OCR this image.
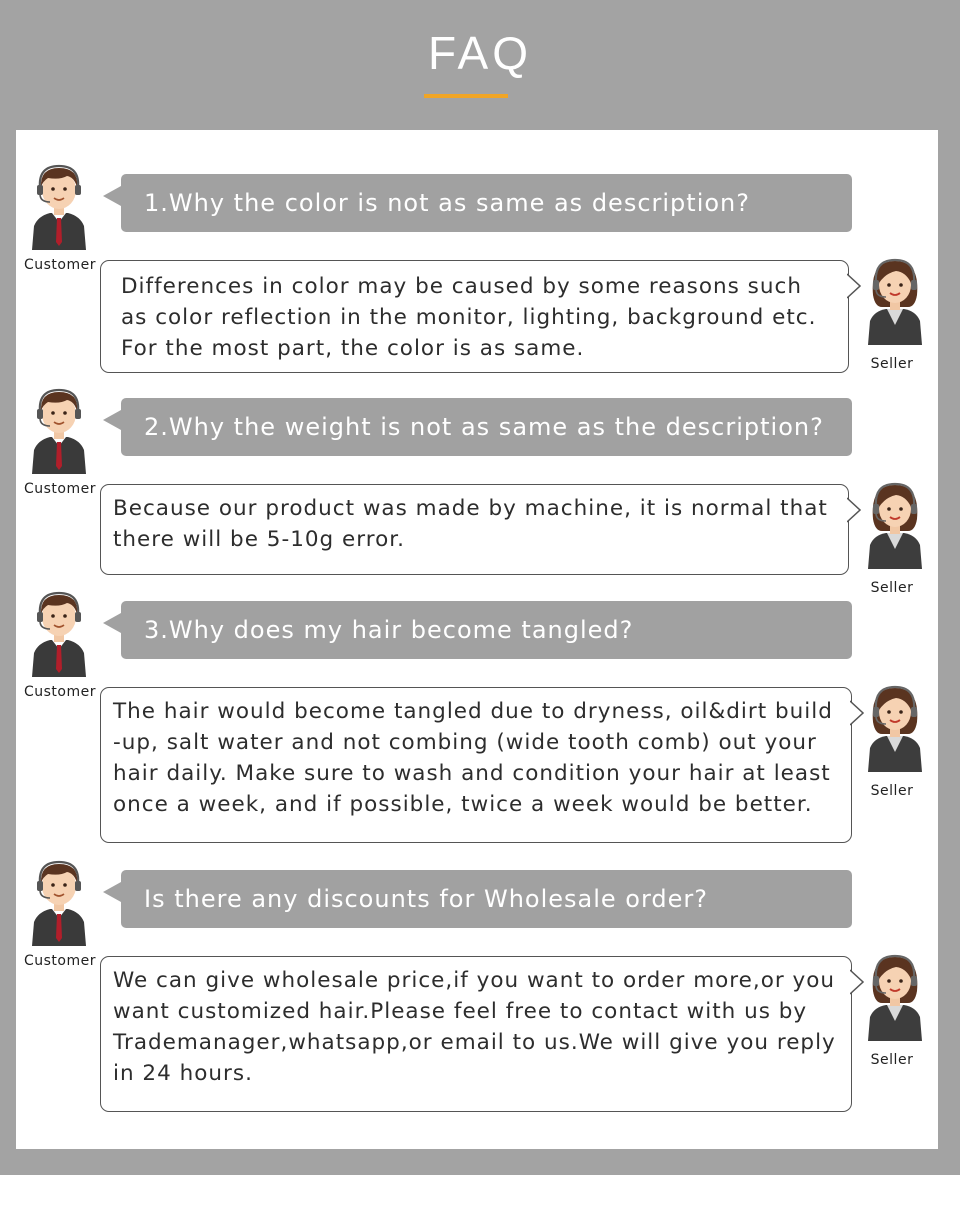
FAQ
Customer
1.Why the color is not as same as description?
Differences in color may be caused by some reasons such
as color reflection in the monitor, lighting, background etc.
For the most part, the color is as same.
Seller
Customer
2.Why the weight is not as same as the description?
Because our product was made by machine, it is normal that
there will be 5-10g error.
Seller
Customer
3.Why does my hair become tangled?
The hair would become tangled due to dryness, oil&dirt build
-up, salt water and not combing (wide tooth comb) out your
hair daily. Make sure to wash and condition your hair at least
once a week, and if possible, twice a week would be better.
Seller
Customer
Is there any discounts for Wholesale order?
We can give wholesale price,if you want to order more,or you
want customized hair.Please feel free to contact with us by
Trademanager,whatsapp,or email to us.We will give you reply
in 24 hours.
Seller
